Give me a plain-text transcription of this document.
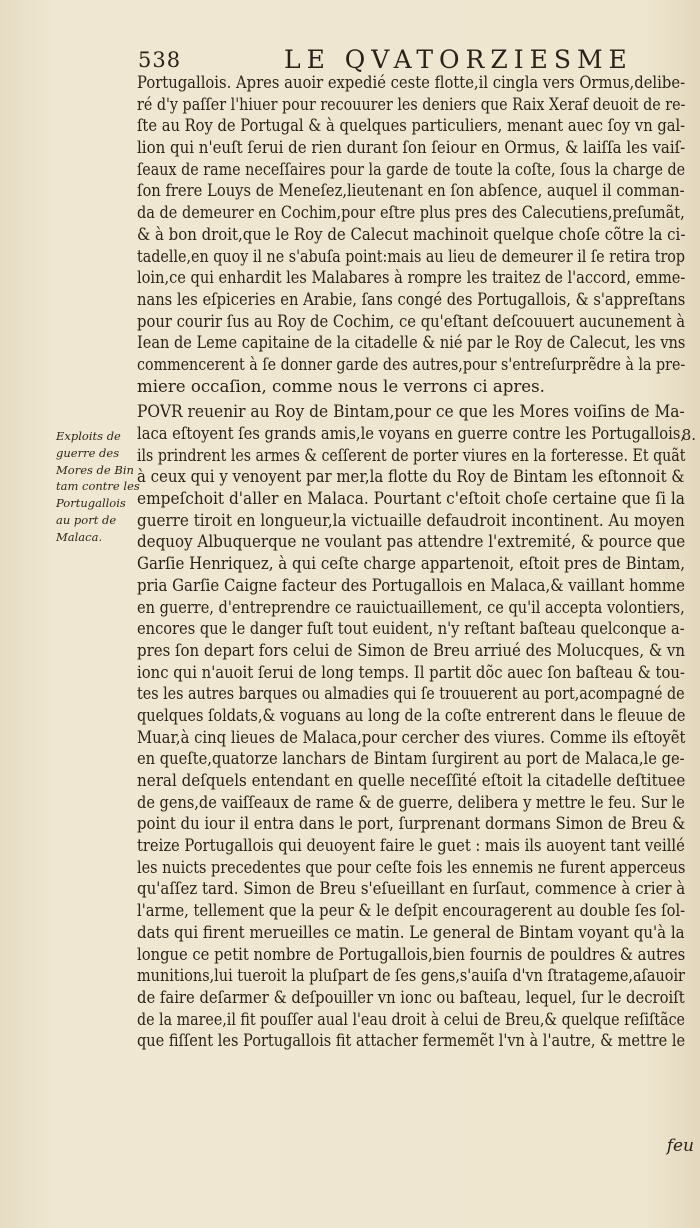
538	LE QVATORZIESME
Exploits de
guerre des
Mores de Bin
tam contre les
Portugallois
au port de
Malaca.
8.
Portugallois. Apres auoir expedié ceste flotte,il cingla vers Ormus,delibe-
ré d'y paſſer l'hiuer pour recouurer les deniers que Raix Xeraf deuoit de re-
ſte au Roy de Portugal & à quelques particuliers, menant auec ſoy vn gal-
lion qui n'euſt ſerui de rien durant ſon ſeiour en Ormus, & laiſſa les vaiſ-
ſeaux de rame neceſſaires pour la garde de toute la coſte, ſous la charge de
ſon frere Louys de Meneſez,lieutenant en ſon abſence, auquel il comman-
da de demeurer en Cochim,pour eſtre plus pres des Calecutiens,preſumãt,
& à bon droit,que le Roy de Calecut machinoit quelque choſe cõtre la ci-
tadelle,en quoy il ne s'abuſa point:mais au lieu de demeurer il ſe retira trop
loin,ce qui enhardit les Malabares à rompre les traitez de l'accord, emme-
nans les eſpiceries en Arabie, ſans congé des Portugallois, & s'appreſtans
pour courir ſus au Roy de Cochim, ce qu'eſtant deſcouuert aucunement à
Iean de Leme capitaine de la citadelle & nié par le Roy de Calecut, les vns
commencerent à ſe donner garde des autres,pour s'entreſurprẽdre à la pre-
miere occaſion, comme nous le verrons ci apres.
POVR reuenir au Roy de Bintam,pour ce que les Mores voiſins de Ma-
laca eſtoyent ſes grands amis,le voyans en guerre contre les Portugallois,
ils prindrent les armes & ceſſerent de porter viures en la forteresse. Et quãt
à ceux qui y venoyent par mer,la flotte du Roy de Bintam les eſtonnoit &
empeſchoit d'aller en Malaca. Pourtant c'eſtoit choſe certaine que ſi la
guerre tiroit en longueur,la victuaille defaudroit incontinent. Au moyen
dequoy Albuquerque ne voulant pas attendre l'extremité, & pource que
Garſie Henriquez, à qui ceſte charge appartenoit, eſtoit pres de Bintam,
pria Garſie Caigne facteur des Portugallois en Malaca,& vaillant homme
en guerre, d'entreprendre ce rauictuaillement, ce qu'il accepta volontiers,
encores que le danger fuſt tout euident, n'y reſtant baſteau quelconque a-
pres ſon depart fors celui de Simon de Breu arriué des Molucques, & vn
ionc qui n'auoit ſerui de long temps. Il partit dõc auec ſon baſteau & tou-
tes les autres barques ou almadies qui ſe trouuerent au port,acompagné de
quelques ſoldats,& voguans au long de la coſte entrerent dans le fleuue de
Muar,à cinq lieues de Malaca,pour cercher des viures. Comme ils eſtoyẽt
en queſte,quatorze lanchars de Bintam ſurgirent au port de Malaca,le ge-
neral deſquels entendant en quelle neceſſité eſtoit la citadelle deſtituee
de gens,de vaiſſeaux de rame & de guerre, delibera y mettre le feu. Sur le
point du iour il entra dans le port, ſurprenant dormans Simon de Breu &
treize Portugallois qui deuoyent faire le guet : mais ils auoyent tant veillé
les nuicts precedentes que pour ceſte fois les ennemis ne furent apperceus
qu'aſſez tard. Simon de Breu s'eſueillant en ſurſaut, commence à crier à
l'arme, tellement que la peur & le deſpit encouragerent au double ſes ſol-
dats qui firent merueilles ce matin. Le general de Bintam voyant qu'à la
longue ce petit nombre de Portugallois,bien fournis de pouldres & autres
munitions,lui tueroit la pluſpart de ſes gens,s'auiſa d'vn ſtratageme,aſauoir
de faire deſarmer & deſpouiller vn ionc ou baſteau, lequel, ſur le decroiſt
de la maree,il fit pouſſer aual l'eau droit à celui de Breu,& quelque reſiſtãce
que fiſſent les Portugallois fit attacher fermemẽt l'vn à l'autre, & mettre le
feu
